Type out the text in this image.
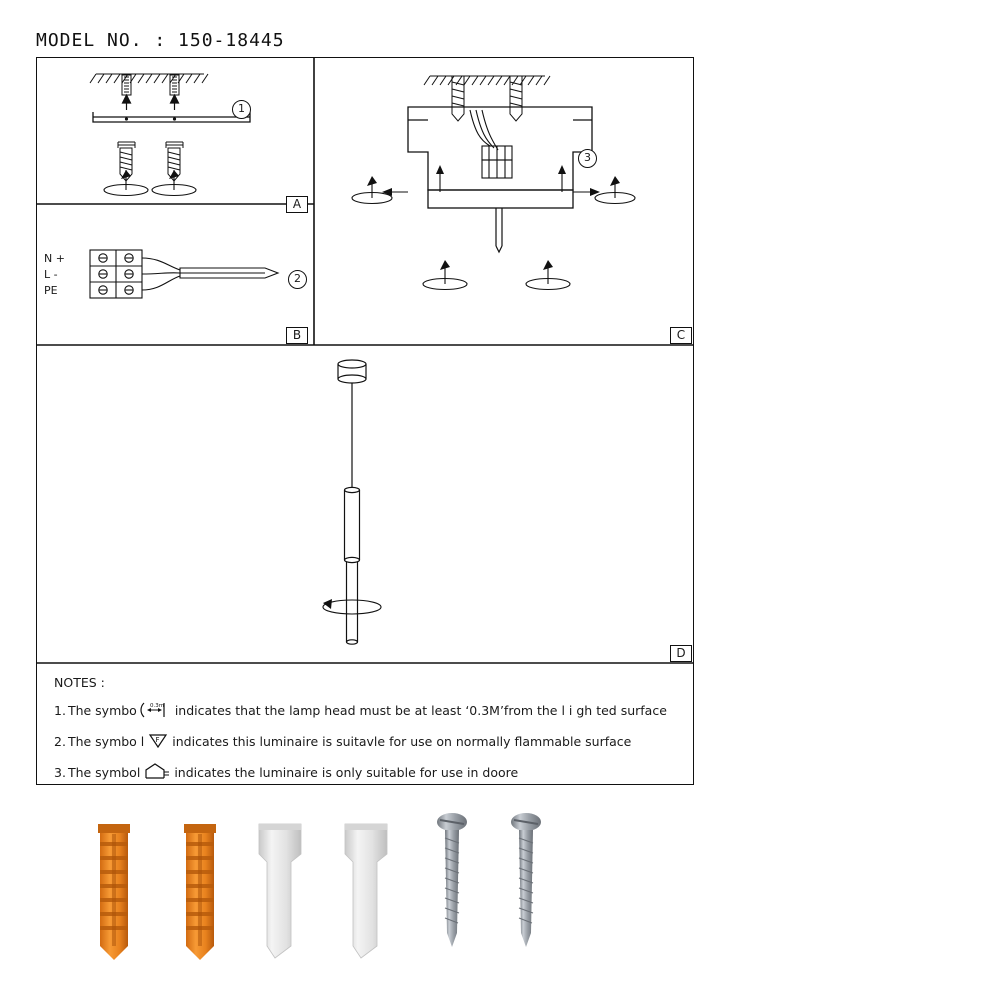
MODEL NO. : 150-18445
1
A
N +
L -
PE
2
B
3
C
D
NOTES :
1. The symbo 0.3m indicates that the lamp head must be at least ‘0.3M’from the l i gh ted surface
2. The symbo l F indicates this luminaire is suitavle for use on normally flammable surface
3. The symbol	indicates the luminaire is only suitable for use in doore
